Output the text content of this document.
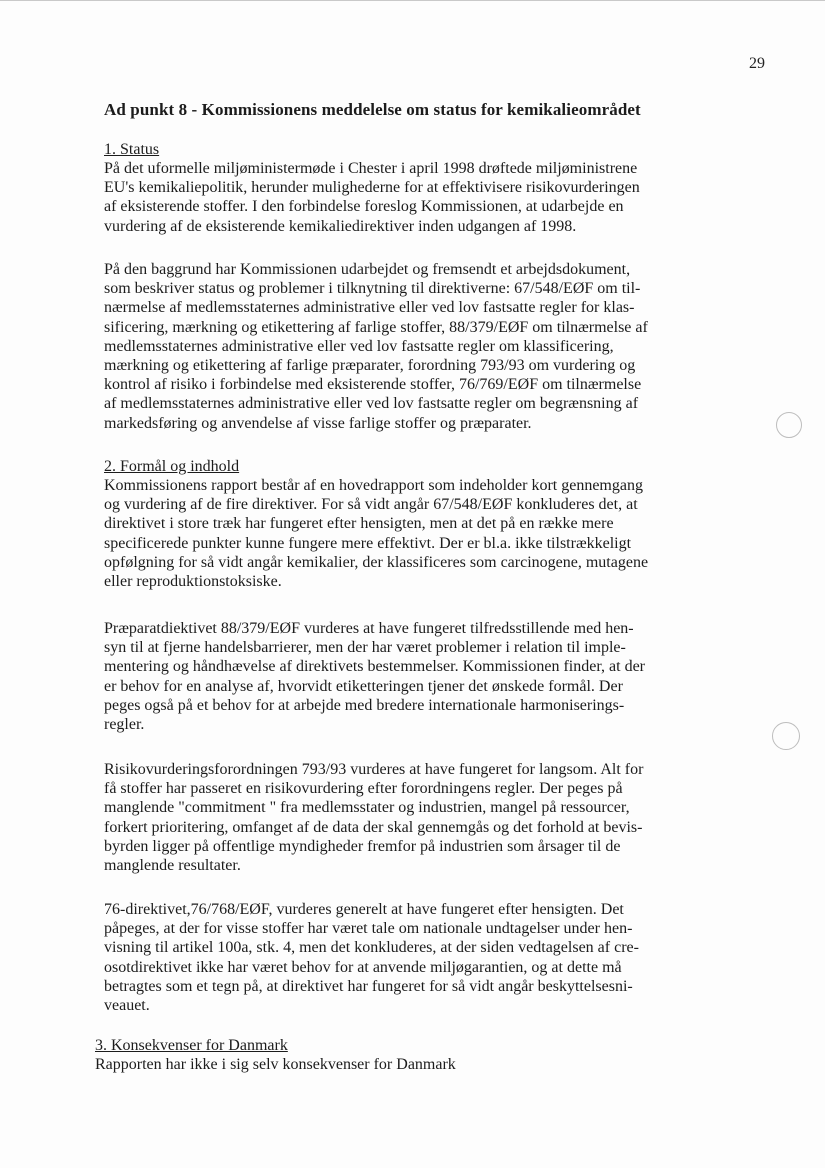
29
Ad punkt 8 - Kommissionens meddelelse om status for kemikalieområdet
1. Status

På det uformelle miljøministermøde i Chester i april 1998 drøftede miljøministrene
EU's kemikaliepolitik, herunder mulighederne for at effektivisere risikovurderingen
af eksisterende stoffer. I den forbindelse foreslog Kommissionen, at udarbejde en
vurdering af de eksisterende kemikaliedirektiver inden udgangen af 1998.

På den baggrund har Kommissionen udarbejdet og fremsendt et arbejdsdokument,
som beskriver status og problemer i tilknytning til direktiverne: 67/548/EØF om til-
nærmelse af medlemsstaternes administrative eller ved lov fastsatte regler for klas-
sificering, mærkning og etikettering af farlige stoffer, 88/379/EØF om tilnærmelse af
medlemsstaternes administrative eller ved lov fastsatte regler om klassificering,
mærkning og etikettering af farlige præparater, forordning 793/93 om vurdering og
kontrol af risiko i forbindelse med eksisterende stoffer, 76/769/EØF om tilnærmelse
af medlemsstaternes administrative eller ved lov fastsatte regler om begrænsning af
markedsføring og anvendelse af visse farlige stoffer og præparater.

2. Formål og indhold

Kommissionens rapport består af en hovedrapport som indeholder kort gennemgang
og vurdering af de fire direktiver. For så vidt angår 67/548/EØF konkluderes det, at
direktivet i store træk har fungeret efter hensigten, men at det på en række mere
specificerede punkter kunne fungere mere effektivt. Der er bl.a. ikke tilstrækkeligt
opfølgning for så vidt angår kemikalier, der klassificeres som carcinogene, mutagene
eller reproduktionstoksiske.

Præparatdiektivet 88/379/EØF vurderes at have fungeret tilfredsstillende med hen-
syn til at fjerne handelsbarrierer, men der har været problemer i relation til imple-
mentering og håndhævelse af direktivets bestemmelser. Kommissionen finder, at der
er behov for en analyse af, hvorvidt etiketteringen tjener det ønskede formål. Der
peges også på et behov for at arbejde med bredere internationale harmoniserings-
regler.

Risikovurderingsforordningen 793/93 vurderes at have fungeret for langsom. Alt for
få stoffer har passeret en risikovurdering efter forordningens regler. Der peges på
manglende "commitment " fra medlemsstater og industrien, mangel på ressourcer,
forkert prioritering, omfanget af de data der skal gennemgås og det forhold at bevis-
byrden ligger på offentlige myndigheder fremfor på industrien som årsager til de
manglende resultater.

76-direktivet,76/768/EØF, vurderes generelt at have fungeret efter hensigten. Det
påpeges, at der for visse stoffer har været tale om nationale undtagelser under hen-
visning til artikel 100a, stk. 4, men det konkluderes, at der siden vedtagelsen af cre-
osotdirektivet ikke har været behov for at anvende miljøgarantien, og at dette må
betragtes som et tegn på, at direktivet har fungeret for så vidt angår beskyttelsesni-
veauet.

3. Konsekvenser for Danmark

Rapporten har ikke i sig selv konsekvenser for Danmark
